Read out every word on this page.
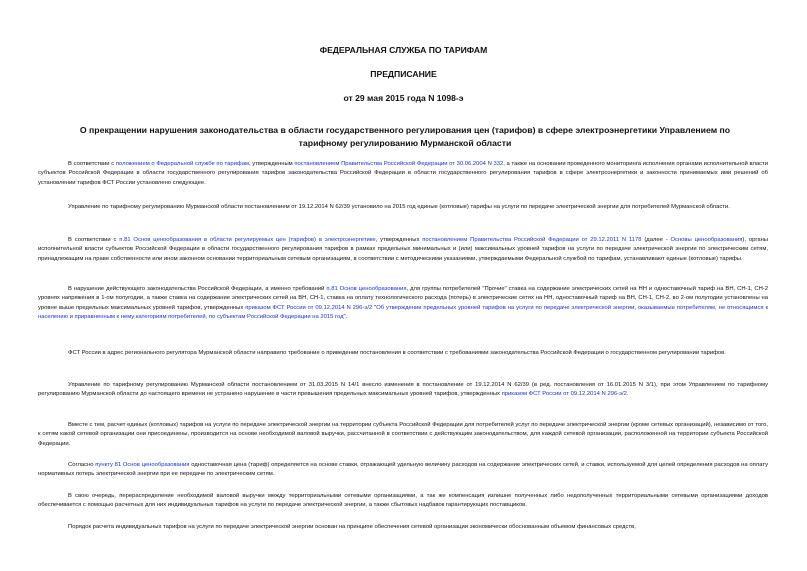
ФЕДЕРАЛЬНАЯ СЛУЖБА ПО ТАРИФАМ
ПРЕДПИСАНИЕ
от 29 мая 2015 года N 1098-э
О прекращении нарушения законодательства в области государственного регулирования цен (тарифов) в сфере электроэнергетики Управлением по тарифному регулированию Мурманской области

В соответствии с положением о Федеральной службе по тарифам, утвержденным постановлением Правительства Российской Федерации от 30.06.2004 N 332, а также на основании проведенного мониторинга исполнения органами исполнительной власти субъектов Российской Федерации в области государственного регулирования тарифов законодательства Российской Федерации в области государственного регулирования тарифов в сфере электроэнергетики и законности принимаемых ими решений об установлении тарифов ФСТ России установлено следующее.

Управление по тарифному регулированию Мурманской области постановлением от 19.12.2014 N 62/39 установило на 2015 год единые (котловые) тарифы на услуги по передаче электрической энергии для потребителей Мурманской области.

В соответствии с п.81 Основ ценообразования в области регулируемых цен (тарифов) в электроэнергетике, утвержденных постановлением Правительства Российской Федерации от 29.12.2011 N 1178 (далее - Основы ценообразования), органы исполнительной власти субъектов Российской Федерации в области государственного регулирования тарифов в рамках предельных минимальных и (или) максимальных уровней тарифов на услуги по передаче электрической энергии по электрическим сетям, принадлежащим на праве собственности или ином законном основании территориальным сетевым организациям, в соответствии с методическими указаниями, утверждаемыми Федеральной службой по тарифам, устанавливают единые (котловые) тарифы.

В нарушение действующего законодательства Российской Федерации, а именно требований п.81 Основ ценообразования, для группы потребителей "Прочие" ставка на содержание электрических сетей на НН и одноставочный тариф на ВН, СН-1, СН-2 уровнях напряжения в 1-ом полугодии, а также ставка на содержание электрических сетей на ВН, СН-1, ставка на оплату технологического расхода (потерь) в электрические сетях на НН, одноставочный тариф на ВН, СН-1, СН-2, во 2-ом полугодии установлены на уровне выше предельных максимальных уровней тарифов, утвержденных приказом ФСТ России от 09.12.2014 N 296-э/2 "Об утверждении предельных уровней тарифов на услуги по передаче электрической энергии, оказываемые потребителям, не относящимся к населению и приравненным к нему категориям потребителей, по субъектам Российской Федерации на 2015 год".

ФСТ России в адрес регионального регулятора Мурманской области направило требование о приведении постановления в соответствии с требованиями законодательства Российской Федерации о государственном регулировании тарифов.

Управление по тарифному регулированию Мурманской области постановлением от 31.03.2015 N 14/1 внесло изменения в постановление от 19.12.2014 N 62/39 (в ред. постановления от 16.01.2015 N 3/1), при этом Управлением по тарифному регулированию Мурманской области до настоящего времени не устранено нарушение в части превышения предельных максимальных уровней тарифов, утвержденных приказом ФСТ России от 09.12.2014 N 296-э/2.

Вместе с тем, расчет единых (котловых) тарифов на услуги по передаче электрической энергии на территории субъекта Российской Федерации для потребителей услуг по передаче электрической энергии (кроме сетевых организаций), независимо от того, к сетям какой сетевой организации они присоединены, производится на основе необходимой валовой выручки, рассчитанной в соответствии с действующим законодательством, для каждой сетевой организации, расположенной на территории субъекта Российской Федерации.

Согласно пункту 81 Основ ценообразования одноставочная цена (тариф) определяется на основе ставки, отражающей удельную величину расходов на содержание электрических сетей, и ставки, используемой для целей определения расходов на оплату нормативных потерь электрической энергии при ее передаче по электрическим сетям.

В свою очередь, перераспределение необходимой валовой выручки между территориальными сетевыми организациями, а так же компенсация излишне полученных либо недополученных территориальными сетевыми организациями доходов обеспечивается с помощью расчетных для них индивидуальных тарифов на услуги по передаче электрической энергии, а также сбытовых надбавок гарантирующих поставщиков.

Порядок расчета индивидуальных тарифов на услуги по передаче электрической энергии основан на принципе обеспечения сетевой организации экономически обоснованным объемом финансовых средств,
